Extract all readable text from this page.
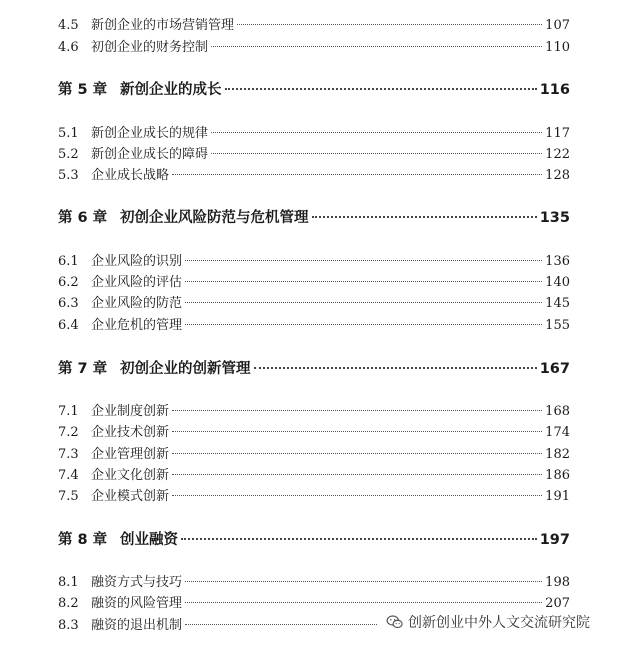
4.5 新创企业的市场营销管理	107
4.6 初创企业的财务控制	110
第 5 章 新创企业的成长	116
5.1 新创企业成长的规律	117
5.2 新创企业成长的障碍	122
5.3 企业成长战略	128
第 6 章 初创企业风险防范与危机管理	135
6.1 企业风险的识别	136
6.2 企业风险的评估	140
6.3 企业风险的防范	145
6.4 企业危机的管理	155
第 7 章 初创企业的创新管理	167
7.1 企业制度创新	168
7.2 企业技术创新	174
7.3 企业管理创新	182
7.4 企业文化创新	186
7.5 企业模式创新	191
第 8 章 创业融资	197
8.1 融资方式与技巧	198
8.2 融资的风险管理	207
8.3 融资的退出机制	创新创业中外人文交流研究院
